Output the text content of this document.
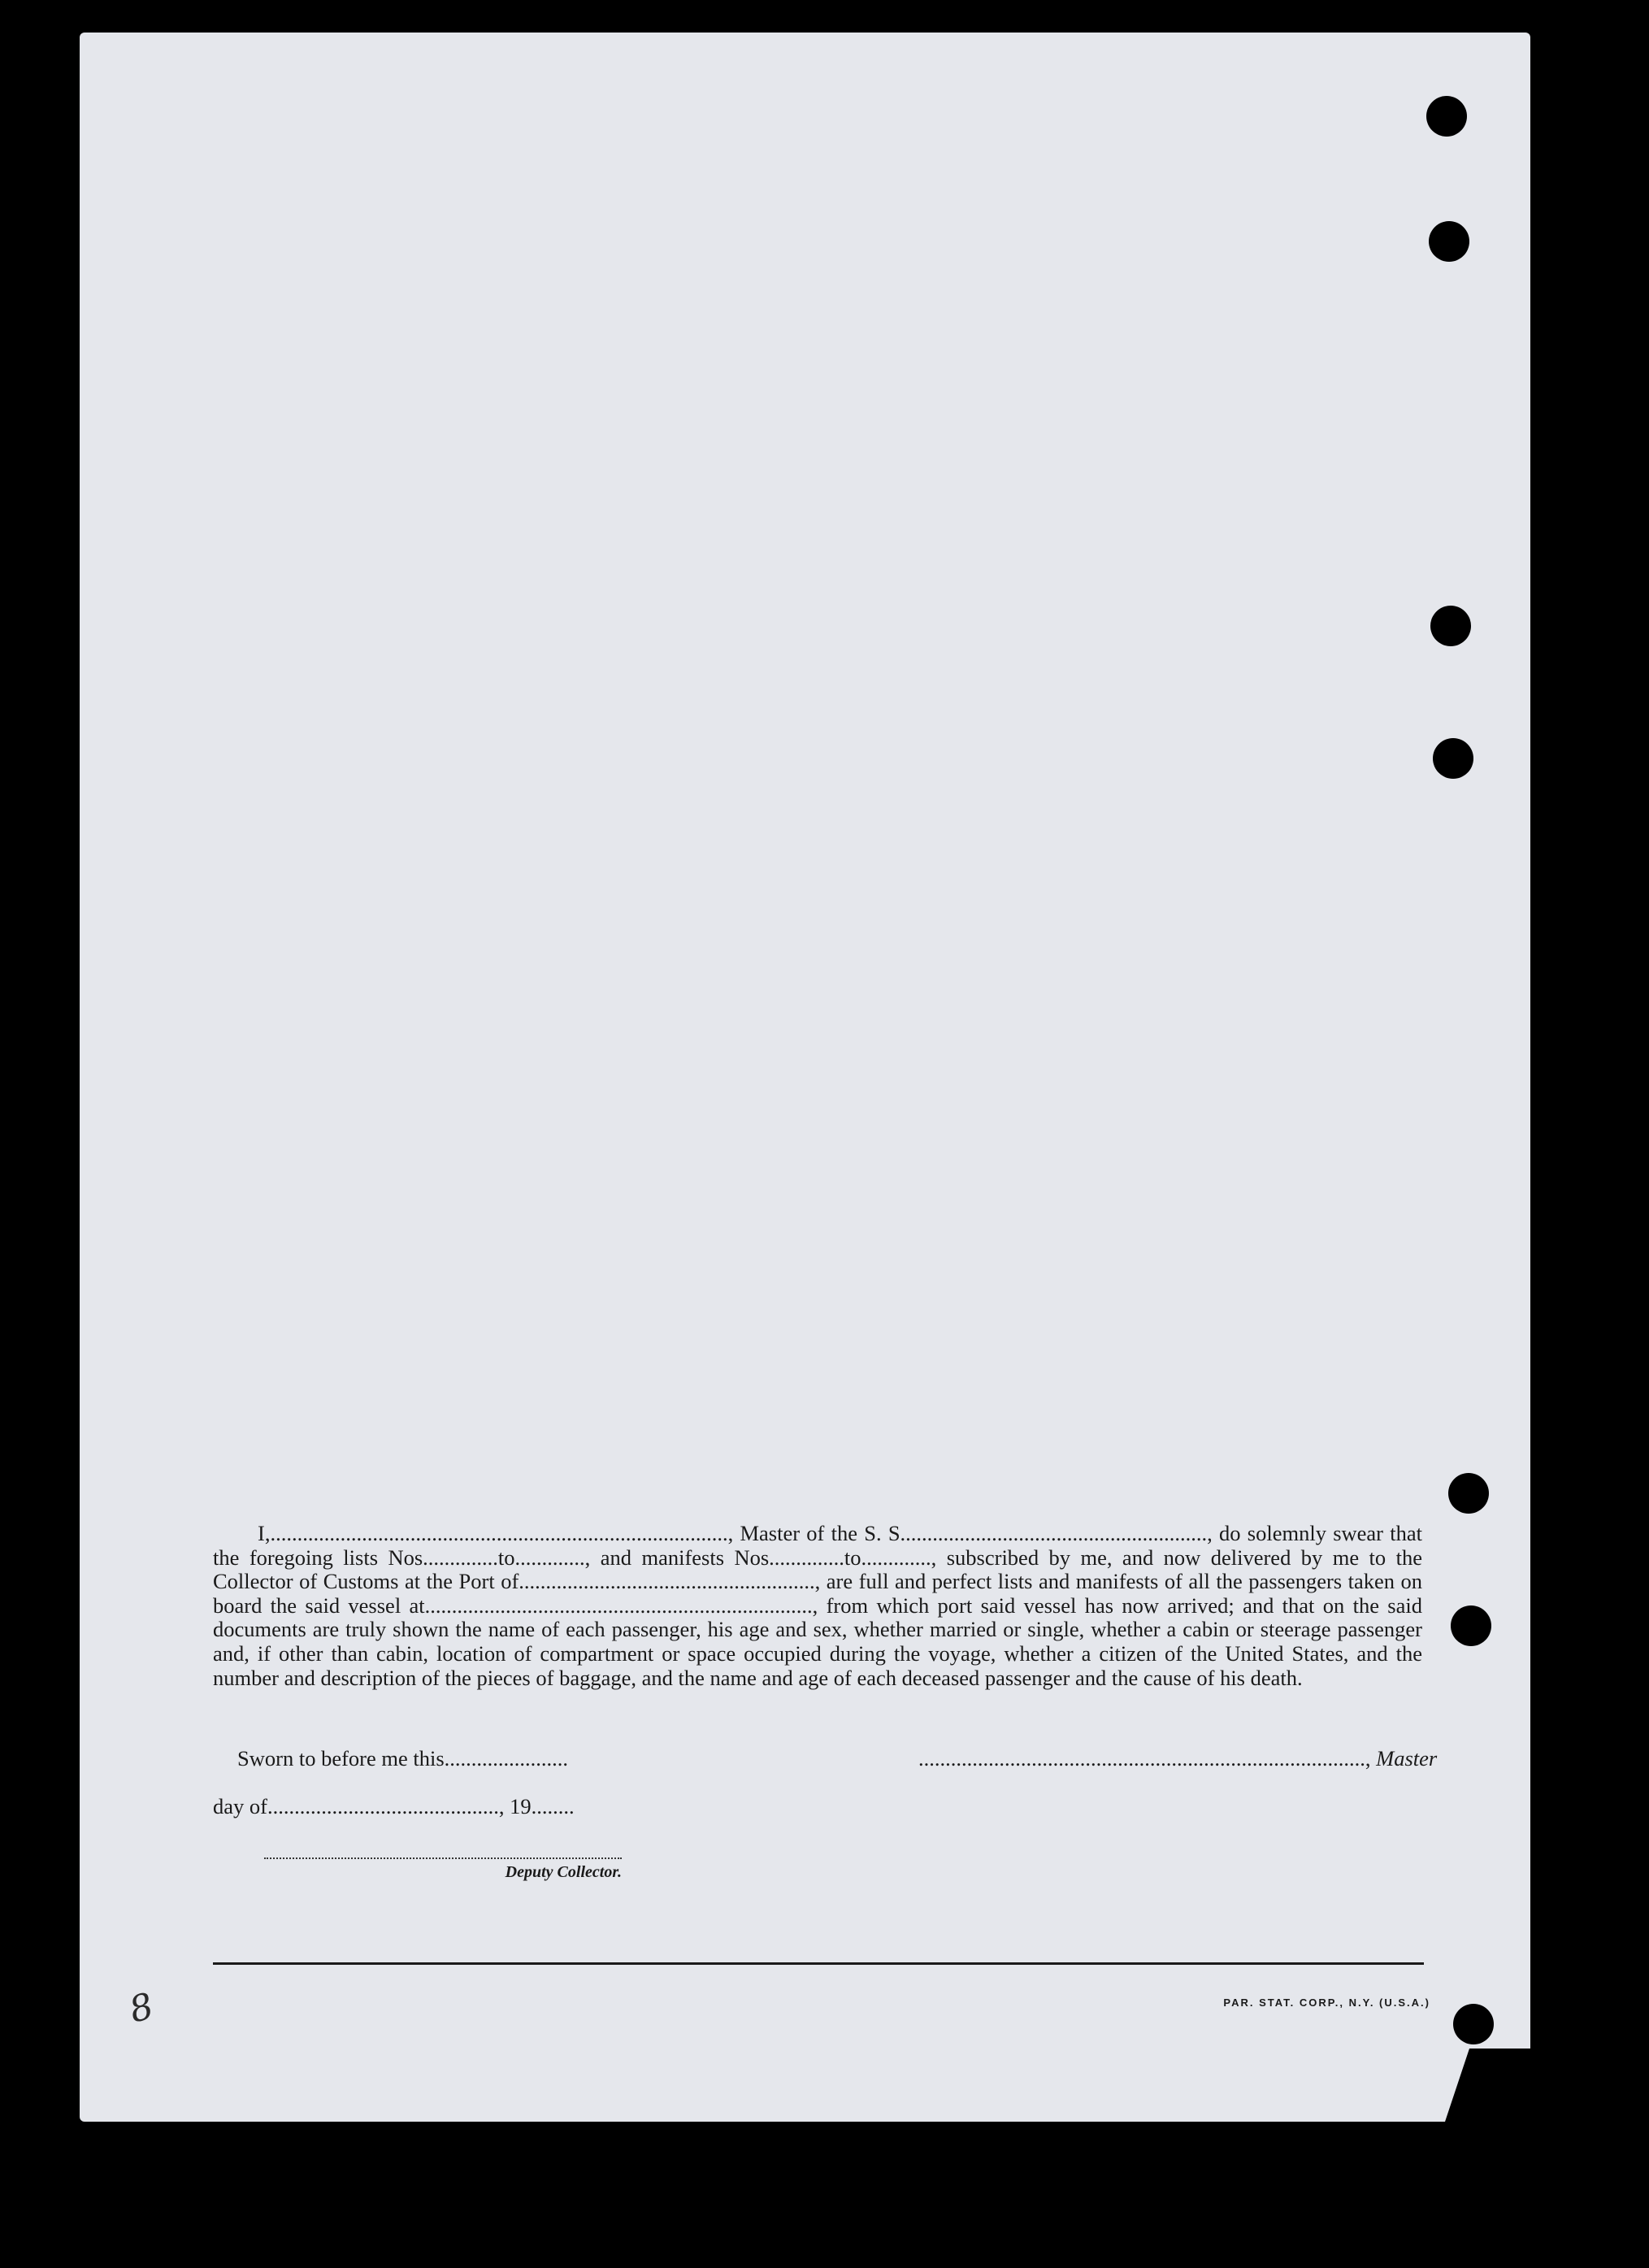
I,....................................................................................., Master of the S. S........................................................., do solemnly swear that the foregoing lists Nos..............to............., and manifests Nos..............to............., subscribed by me, and now delivered by me to the Collector of Customs at the Port of......................................................., are full and perfect lists and manifests of all the passengers taken on board the said vessel at........................................................................, from which port said vessel has now arrived; and that on the said documents are truly shown the name of each passenger, his age and sex, whether married or single, whether a cabin or steerage passenger and, if other than cabin, location of compartment or space occupied during the voyage, whether a citizen of the United States, and the number and description of the pieces of baggage, and the name and age of each deceased passenger and the cause of his death.
Sworn to before me this.......................	..................................................................................., Master
day of..........................................., 19........
Deputy Collector.
PAR. STAT. CORP., N.Y. (U.S.A.)
8
